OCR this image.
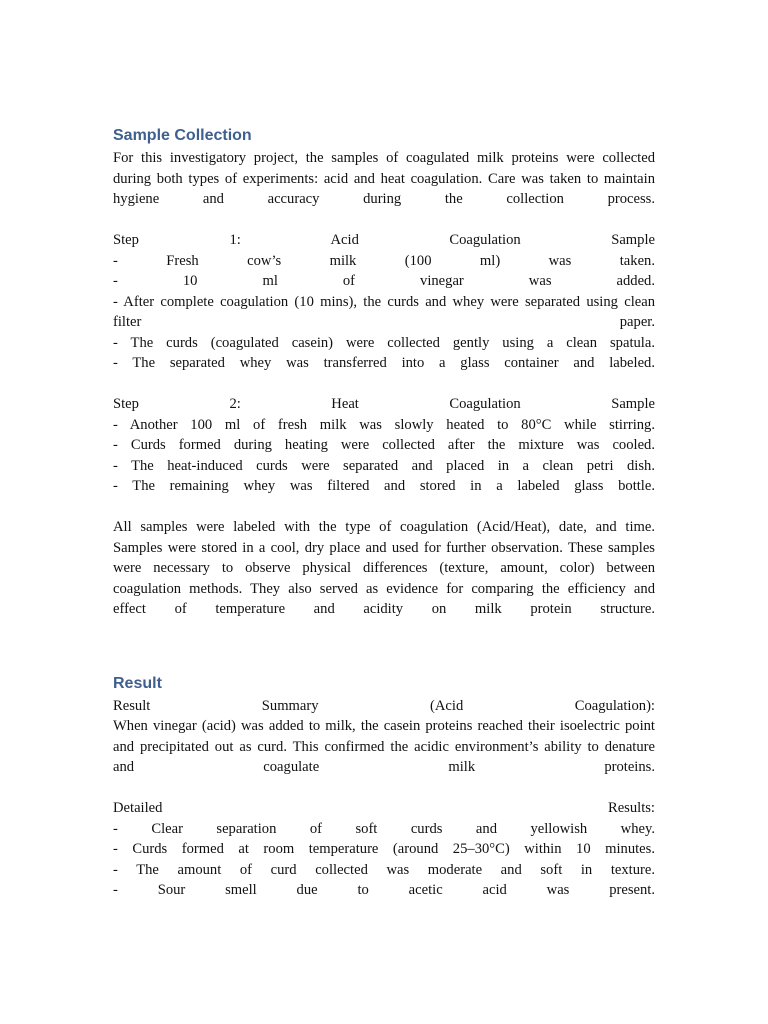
Sample Collection
For this investigatory project, the samples of coagulated milk proteins were collected
during both types of experiments: acid and heat coagulation. Care was taken to maintain
hygiene and accuracy during the collection process.
Step 1: Acid Coagulation Sample
- Fresh cow’s milk (100 ml) was taken.
- 10 ml of vinegar was added.
- After complete coagulation (10 mins), the curds and whey were separated using clean
filter paper.
- The curds (coagulated casein) were collected gently using a clean spatula.
- The separated whey was transferred into a glass container and labeled.
Step 2: Heat Coagulation Sample
- Another 100 ml of fresh milk was slowly heated to 80°C while stirring.
- Curds formed during heating were collected after the mixture was cooled.
- The heat-induced curds were separated and placed in a clean petri dish.
- The remaining whey was filtered and stored in a labeled glass bottle.
All samples were labeled with the type of coagulation (Acid/Heat), date, and time.
Samples were stored in a cool, dry place and used for further observation. These samples
were necessary to observe physical differences (texture, amount, color) between
coagulation methods. They also served as evidence for comparing the efficiency and
effect of temperature and acidity on milk protein structure.
Result
Result Summary (Acid Coagulation):
When vinegar (acid) was added to milk, the casein proteins reached their isoelectric point
and precipitated out as curd. This confirmed the acidic environment’s ability to denature
and coagulate milk proteins.
Detailed Results:
- Clear separation of soft curds and yellowish whey.
- Curds formed at room temperature (around 25–30°C) within 10 minutes.
- The amount of curd collected was moderate and soft in texture.
- Sour smell due to acetic acid was present.
